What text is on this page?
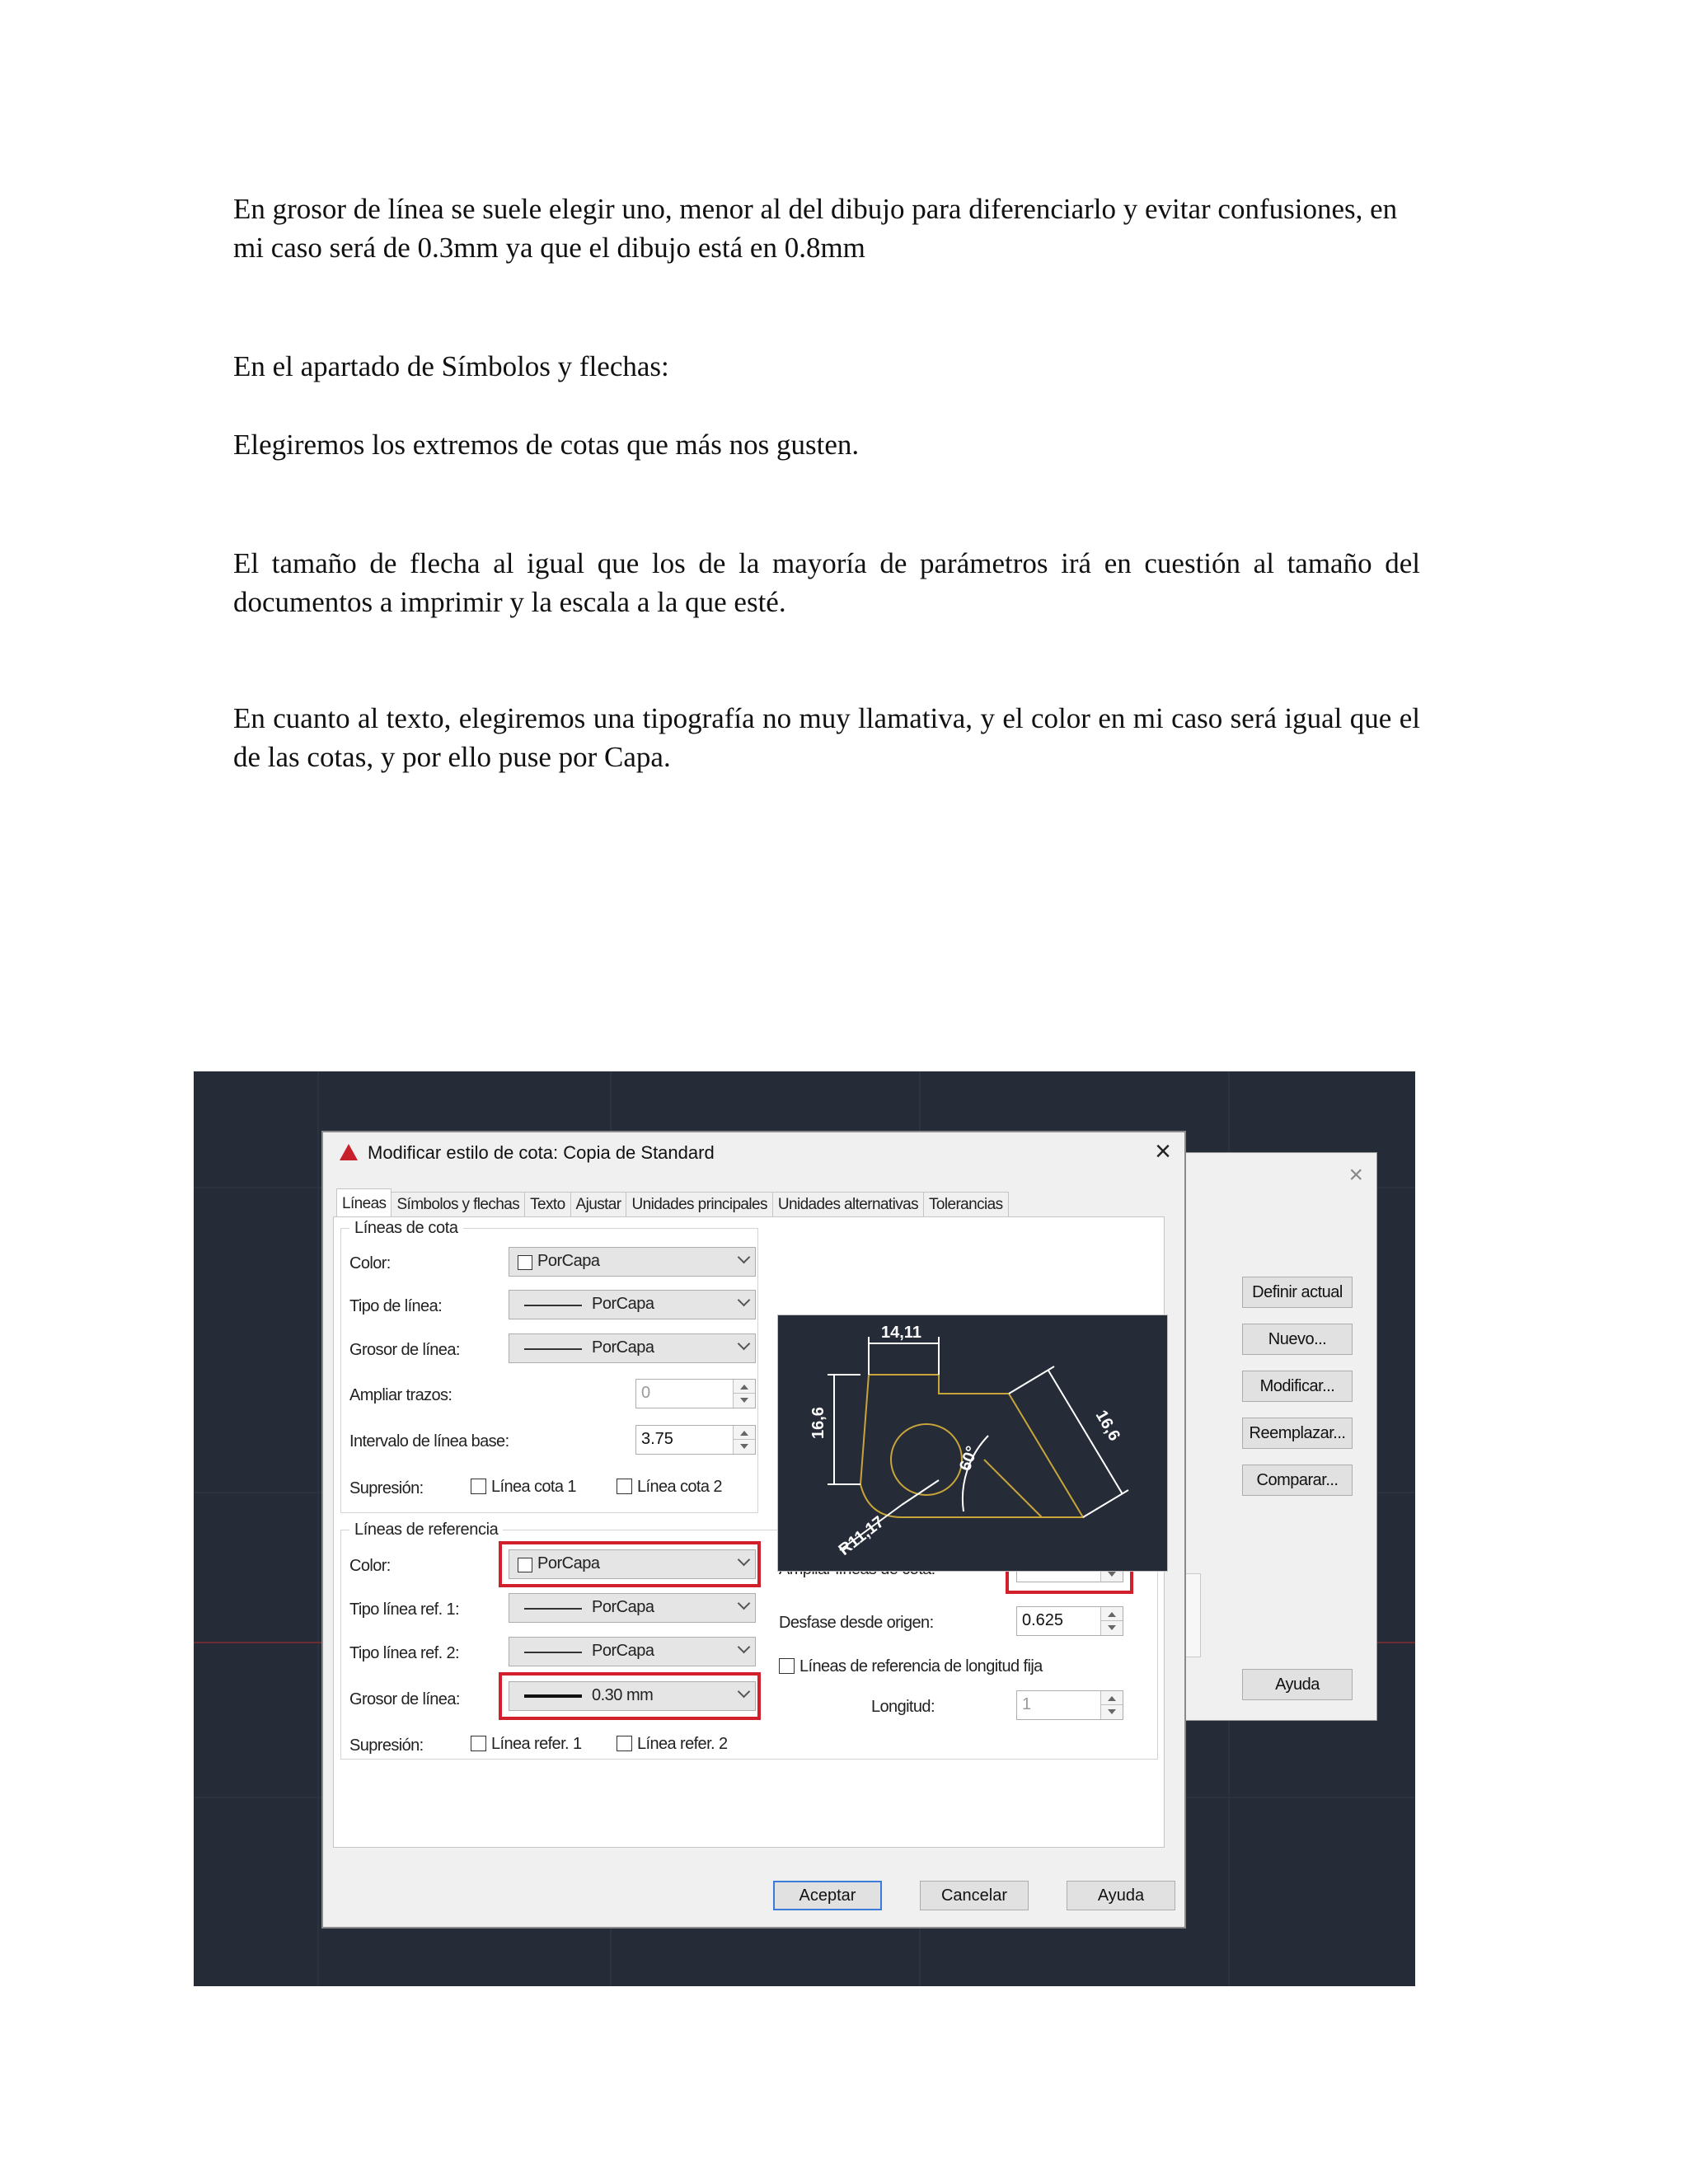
En grosor de línea se suele elegir uno, menor al del dibujo para diferenciarlo y evitar confusiones, en mi caso será de 0.3mm ya que el dibujo está en 0.8mm

En el apartado de Símbolos y flechas:

Elegiremos los extremos de cotas que más nos gusten.

El tamaño de flecha al igual que los de la mayoría de parámetros irá en cuestión al tamaño del documentos a imprimir y la escala a la que esté.

En cuanto al texto, elegiremos una tipografía no muy llamativa, y el color en mi caso será igual que el de las cotas, y por ello puse por Capa.

×
Definir actual
Nuevo...
Modificar...
Reemplazar...
Comparar...
Ayuda
Modificar estilo de cota: Copia de Standard	×
Líneas Símbolos y flechas Texto Ajustar Unidades principales Unidades alternativas Tolerancias
Líneas de cota
Color:	PorCapa
Tipo de línea:	PorCapa
Grosor de línea:	PorCapa
Ampliar trazos:	0
Intervalo de línea base:	3.75
Supresión:	Línea cota 1	Línea cota 2
Líneas de referencia
Color:	PorCapa
Tipo línea ref. 1:	PorCapa
Tipo línea ref. 2:	PorCapa
Grosor de línea:	0.30 mm
Supresión:	Línea refer. 1	Línea refer. 2
Desfase desde origen:	0.625
Líneas de referencia de longitud fija
Longitud:	1
14,11
16,6	16,6
60°
R11,17
Aceptar	Cancelar	Ayuda
